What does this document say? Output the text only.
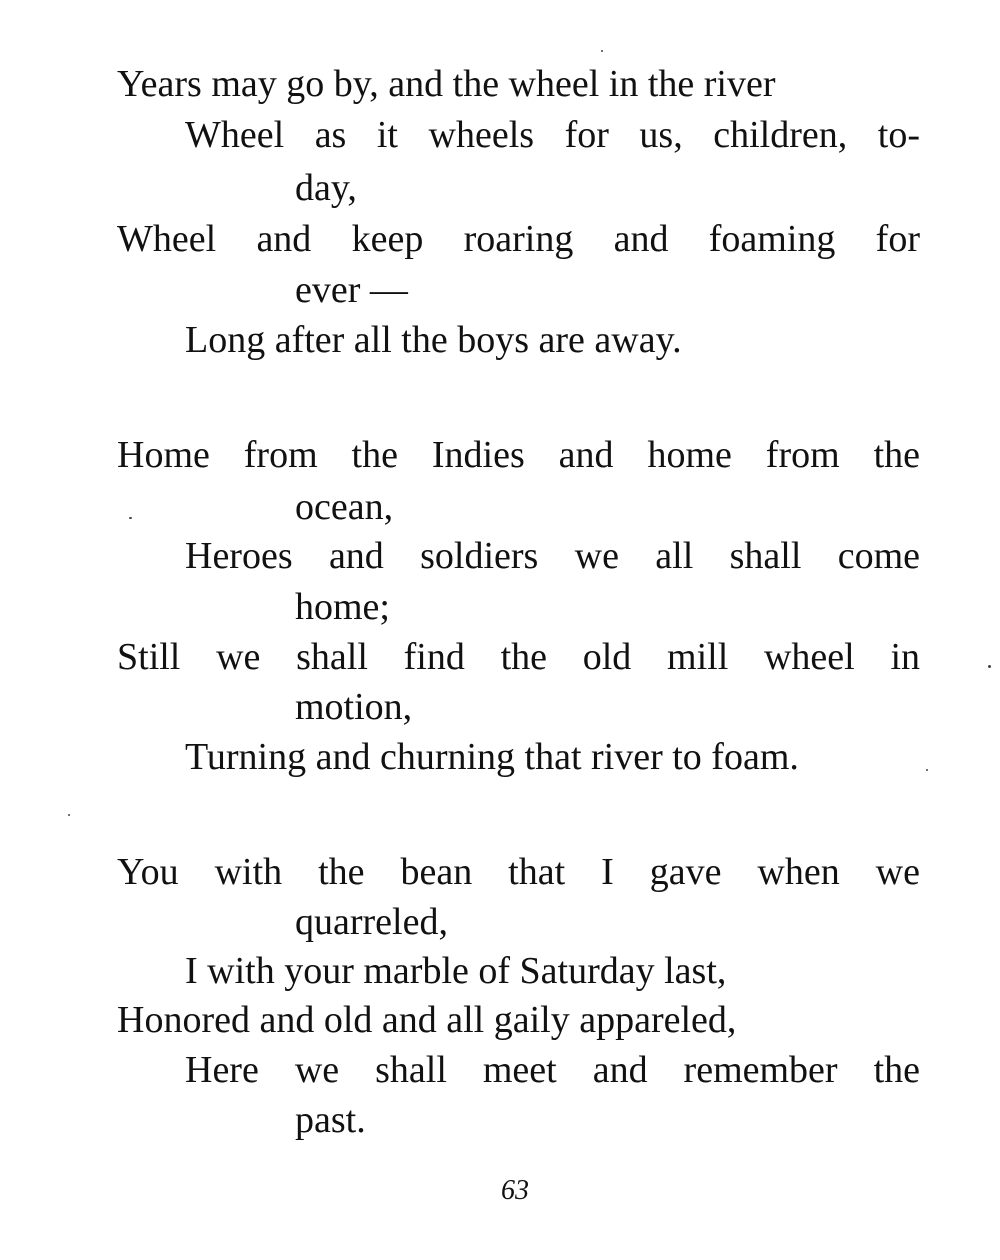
Years may go by, and the wheel in the river
Wheel as it wheels for us, children, to-
day,
Wheel and keep roaring and foaming for
ever —
Long after all the boys are away.
Home from the Indies and home from the
ocean,
Heroes and soldiers we all shall come
home;
Still we shall find the old mill wheel in
motion,
Turning and churning that river to foam.
You with the bean that I gave when we
quarreled,
I with your marble of Saturday last,
Honored and old and all gaily appareled,
Here we shall meet and remember the
past.
63
